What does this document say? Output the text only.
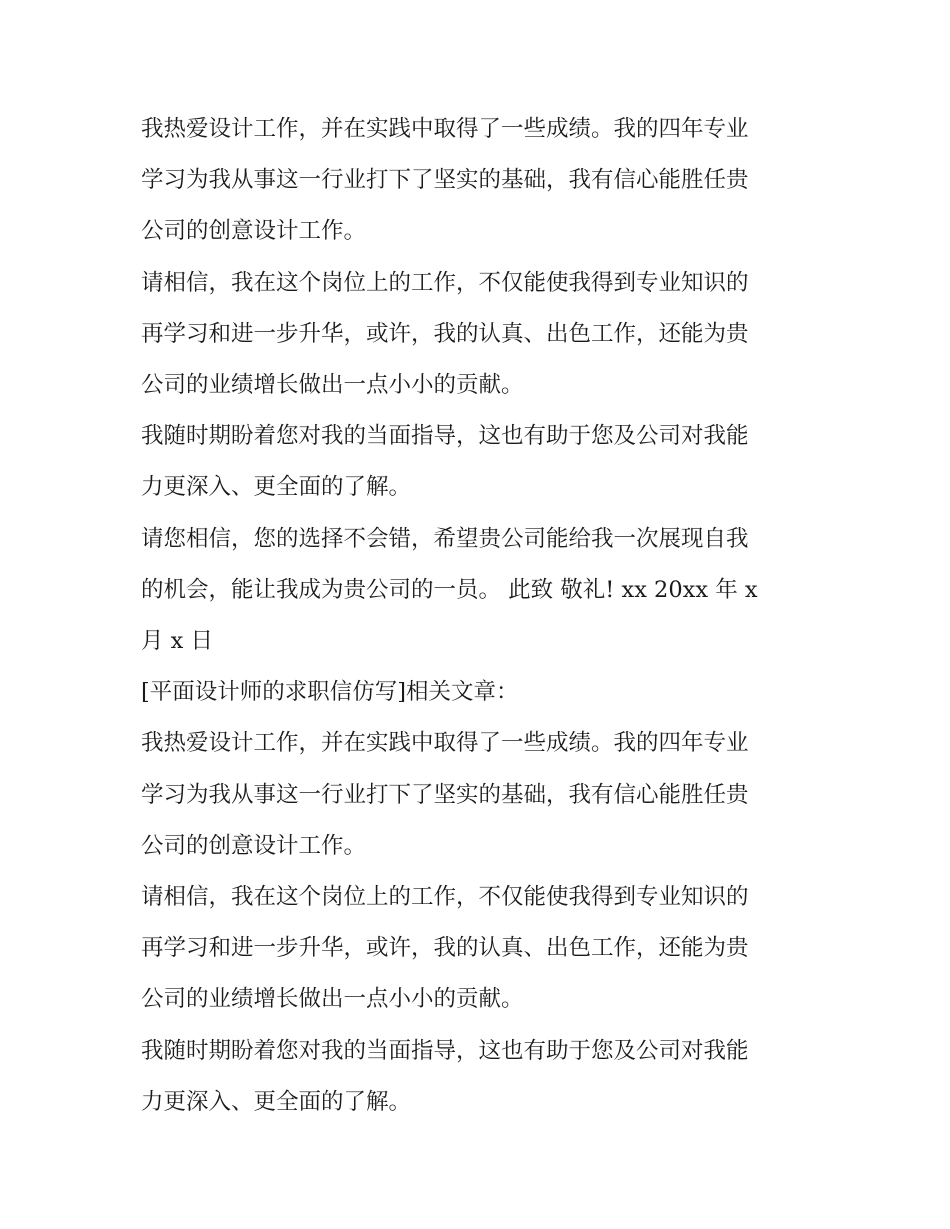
我热爱设计工作，并在实践中取得了一些成绩。我的四年专业
学习为我从事这一行业打下了坚实的基础，我有信心能胜任贵
公司的创意设计工作。

请相信，我在这个岗位上的工作，不仅能使我得到专业知识的
再学习和进一步升华，或许，我的认真、出色工作，还能为贵
公司的业绩增长做出一点小小的贡献。

我随时期盼着您对我的当面指导，这也有助于您及公司对我能
力更深入、更全面的了解。

请您相信，您的选择不会错，希望贵公司能给我一次展现自我
的机会，能让我成为贵公司的一员。 此致 敬礼! xx 20xx 年 x
月 x 日

[平面设计师的求职信仿写]相关文章：

我热爱设计工作，并在实践中取得了一些成绩。我的四年专业
学习为我从事这一行业打下了坚实的基础，我有信心能胜任贵
公司的创意设计工作。

请相信，我在这个岗位上的工作，不仅能使我得到专业知识的
再学习和进一步升华，或许，我的认真、出色工作，还能为贵
公司的业绩增长做出一点小小的贡献。

我随时期盼着您对我的当面指导，这也有助于您及公司对我能
力更深入、更全面的了解。
